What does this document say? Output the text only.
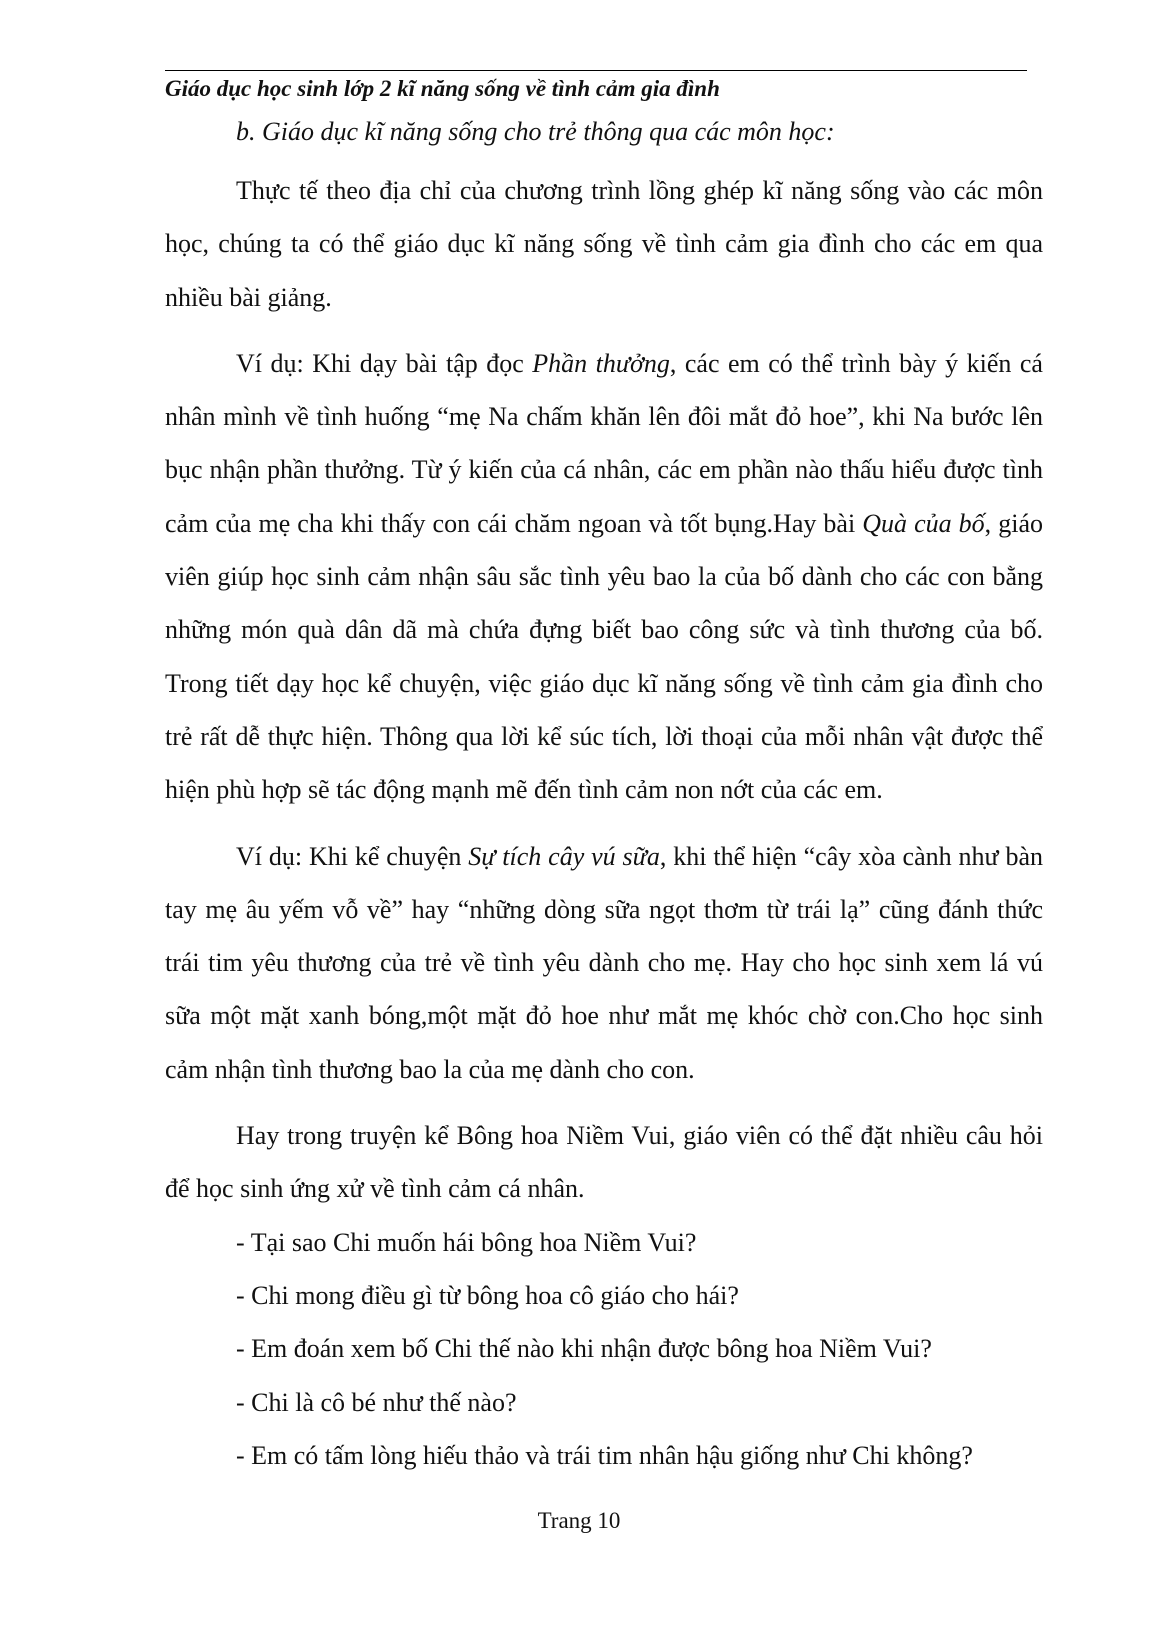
Giáo dục học sinh lớp 2 kĩ năng sống về tình cảm gia đình

b. Giáo dục kĩ năng sống cho trẻ thông qua các môn học:

Thực tế theo địa chỉ của chương trình lồng ghép kĩ năng sống vào các môn học, chúng ta có thể giáo dục kĩ năng sống về tình cảm gia đình cho các em qua nhiều bài giảng.

Ví dụ: Khi dạy bài tập đọc Phần thưởng, các em có thể trình bày ý kiến cá nhân mình về tình huống “mẹ Na chấm khăn lên đôi mắt đỏ hoe”, khi Na bước lên bục nhận phần thưởng. Từ ý kiến của cá nhân, các em phần nào thấu hiểu được tình cảm của mẹ cha khi thấy con cái chăm ngoan và tốt bụng.Hay bài Quà của bố, giáo viên giúp học sinh cảm nhận sâu sắc tình yêu bao la của bố dành cho các con bằng những món quà dân dã mà chứa đựng biết bao công sức và tình thương của bố. Trong tiết dạy học kể chuyện, việc giáo dục kĩ năng sống về tình cảm gia đình cho trẻ rất dễ thực hiện. Thông qua lời kể súc tích, lời thoại của mỗi nhân vật được thể hiện phù hợp sẽ tác động mạnh mẽ đến tình cảm non nớt của các em.

Ví dụ: Khi kể chuyện Sự tích cây vú sữa, khi thể hiện “cây xòa cành như bàn tay mẹ âu yếm vỗ về” hay “những dòng sữa ngọt thơm từ trái lạ” cũng đánh thức trái tim yêu thương của trẻ về tình yêu dành cho mẹ. Hay cho học sinh xem lá vú sữa một mặt xanh bóng,một mặt đỏ hoe như mắt mẹ khóc chờ con.Cho học sinh cảm nhận tình thương bao la của mẹ dành cho con.

Hay trong truyện kể Bông hoa Niềm Vui, giáo viên có thể đặt nhiều câu hỏi để học sinh ứng xử về tình cảm cá nhân.

- Tại sao Chi muốn hái bông hoa Niềm Vui?
- Chi mong điều gì từ bông hoa cô giáo cho hái?
- Em đoán xem bố Chi thế nào khi nhận được bông hoa Niềm Vui?
- Chi là cô bé như thế nào?
- Em có tấm lòng hiếu thảo và trái tim nhân hậu giống như Chi không?
Trang 10
